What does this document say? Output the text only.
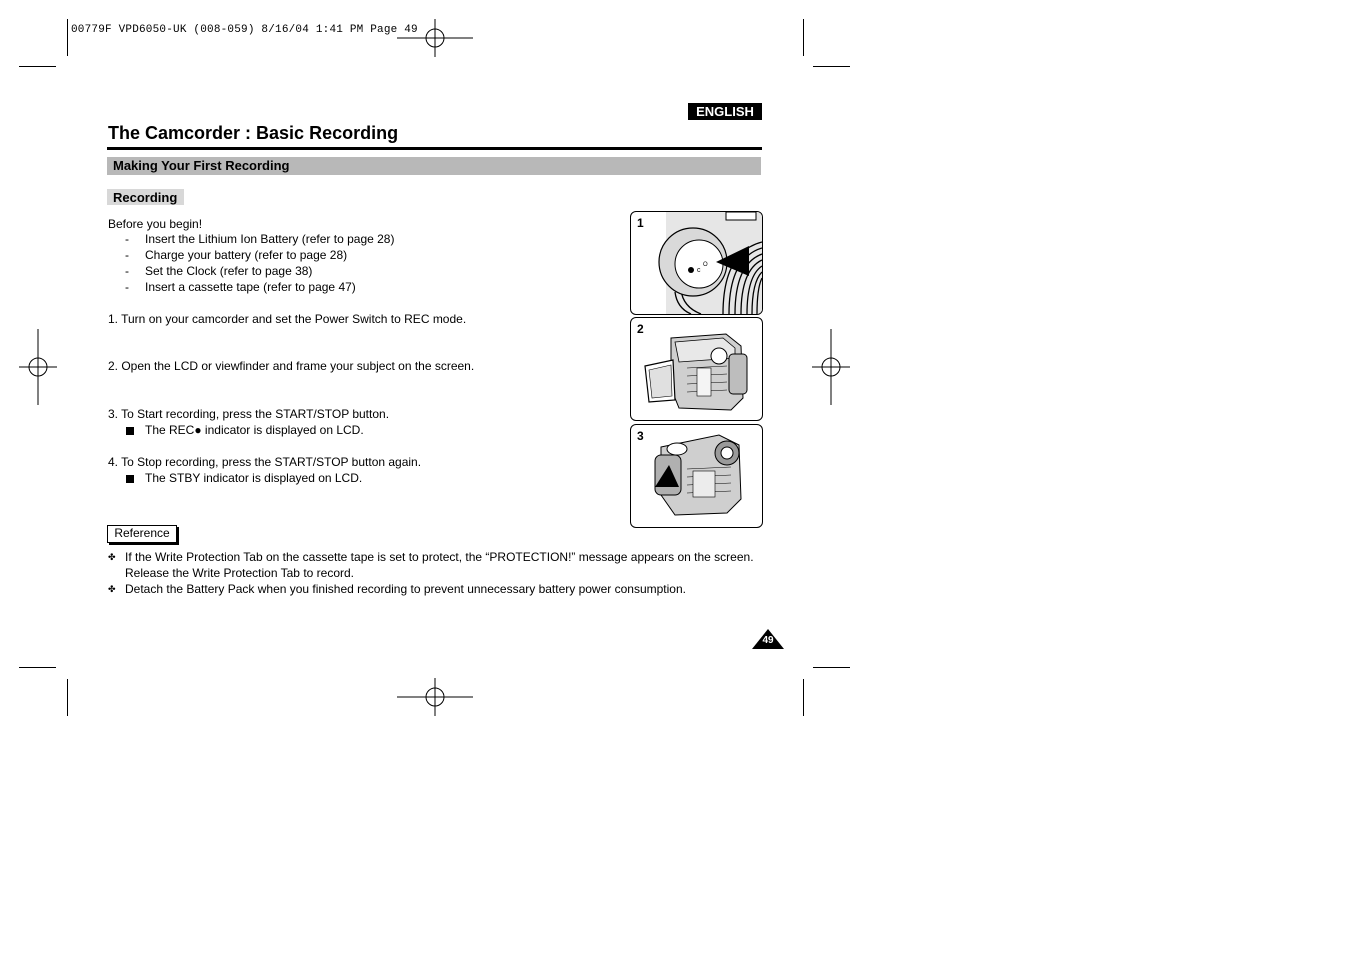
00779F VPD6050-UK (008-059) 8/16/04 1:41 PM Page 49
ENGLISH
The Camcorder : Basic Recording
Making Your First Recording
Recording
Before you begin!
- Insert the Lithium Ion Battery (refer to page 28)
- Charge your battery (refer to page 28)
- Set the Clock (refer to page 38)
- Insert a cassette tape (refer to page 47)
1. Turn on your camcorder and set the Power Switch to REC mode.
2. Open the LCD or viewfinder and frame your subject on the screen.
3. To Start recording, press the START/STOP button.
The REC● indicator is displayed on LCD.
4. To Stop recording, press the START/STOP button again.
The STBY indicator is displayed on LCD.
c
O
1
2
3
Reference
✤ If the Write Protection Tab on the cassette tape is set to protect, the “PROTECTION!” message appears on the screen.
Release the Write Protection Tab to record.
✤ Detach the Battery Pack when you finished recording to prevent unnecessary battery power consumption.
49
